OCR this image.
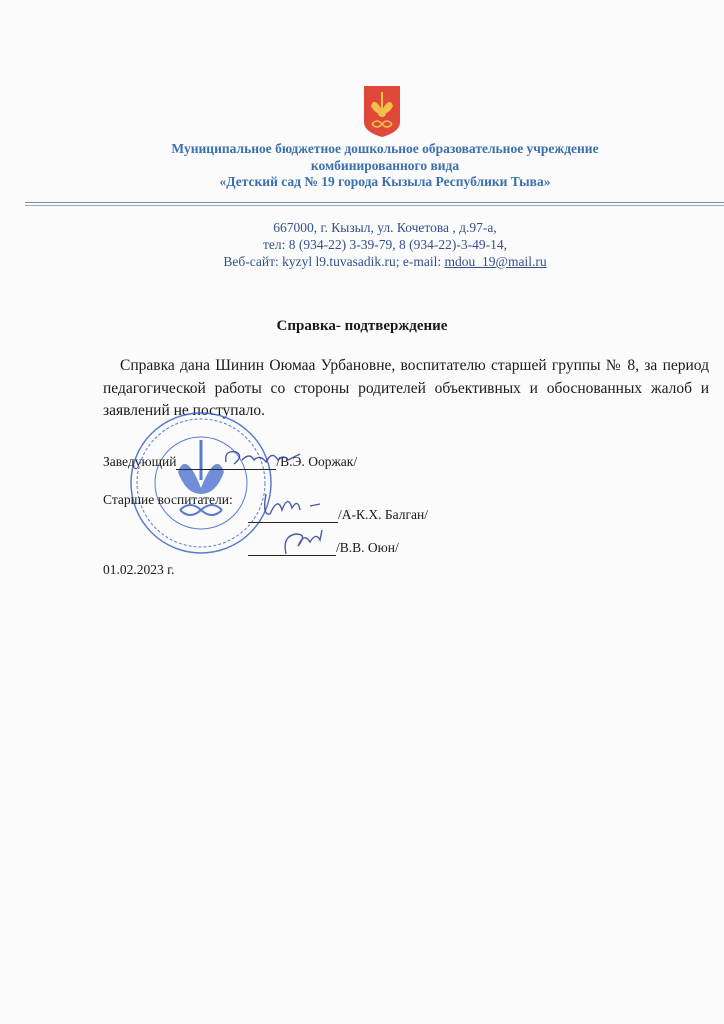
Муниципальное бюджетное дошкольное образовательное учреждение
комбинированного вида
«Детский сад № 19 города Кызыла Республики Тыва»
667000, г. Кызыл, ул. Кочетова , д.97-а,
тел: 8 (934-22) 3-39-79, 8 (934-22)-3-49-14,
Веб-сайт: kyzyl l9.tuvasadik.ru; e-mail: mdou_19@mail.ru
Справка- подтверждение
Справка дана Шинин Оюмаа Урбановне, воспитателю старшей группы № 8, за период педагогической работы со стороны родителей объективных и обоснованных жалоб и заявлений не поступало.
Заведующий	/В.Э. Ооржак/
Старшие воспитатели:
/А-К.Х. Балган/
/В.В. Оюн/
01.02.2023 г.
